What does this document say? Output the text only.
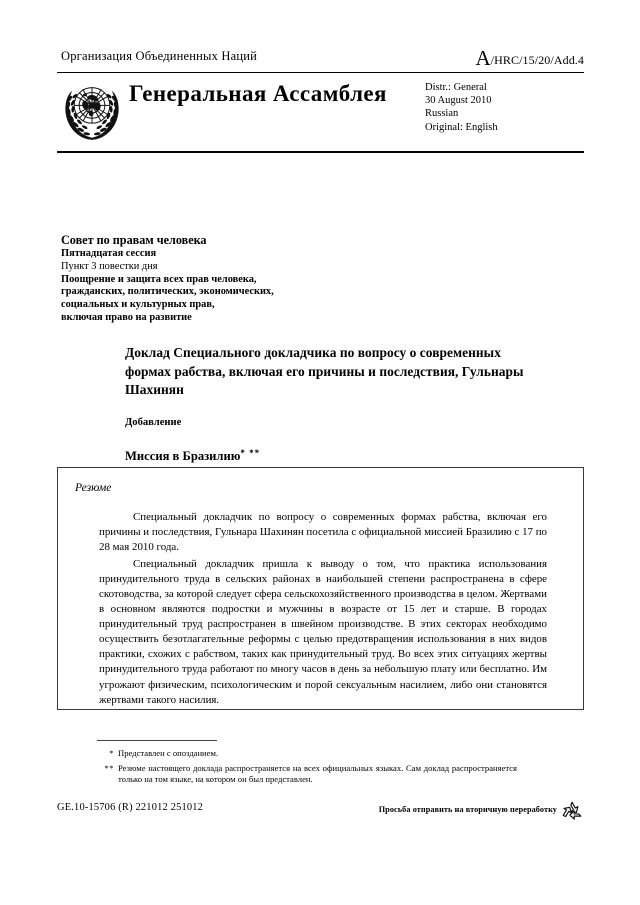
Организация Объединенных Наций	A/HRC/15/20/Add.4
Генеральная Ассамблея	Distr.: General
30 August 2010
Russian
Original: English
Совет по правам человека
Пятнадцатая сессия
Пункт 3 повестки дня
Поощрение и защита всех прав человека,
гражданских, политических, экономических,
социальных и культурных прав,
включая право на развитие
Доклад Специального докладчика по вопросу о современных формах рабства, включая его причины и последствия, Гульнары Шахинян
Добавление
Миссия в Бразилию* **
Резюме

Специальный докладчик по вопросу о современных формах рабства, включая его причины и последствия, Гульнара Шахинян посетила с официальной миссией Бразилию с 17 по 28 мая 2010 года.

Специальный докладчик пришла к выводу о том, что практика использования принудительного труда в сельских районах в наибольшей степени распространена в сфере скотоводства, за которой следует сфера сельскохозяйственного производства в целом. Жертвами в основном являются подростки и мужчины в возрасте от 15 лет и старше. В городах принудительный труд распространен в швейном производстве. В этих секторах необходимо осуществить безотлагательные реформы с целью предотвращения использования в них видов практики, схожих с рабством, таких как принудительный труд. Во всех этих ситуациях жертвы принудительного труда работают по многу часов в день за небольшую плату или бесплатно. Им угрожают физическим, психологическим и порой сексуальным насилием, либо они становятся жертвами такого насилия.

* Представлен с опозданием.
** Резюме настоящего доклада распространяется на всех официальных языках. Сам доклад распространяется только на том языке, на котором он был представлен.
GE.10-15706 (R) 221012 251012	Просьба отправить на вторичную переработку
